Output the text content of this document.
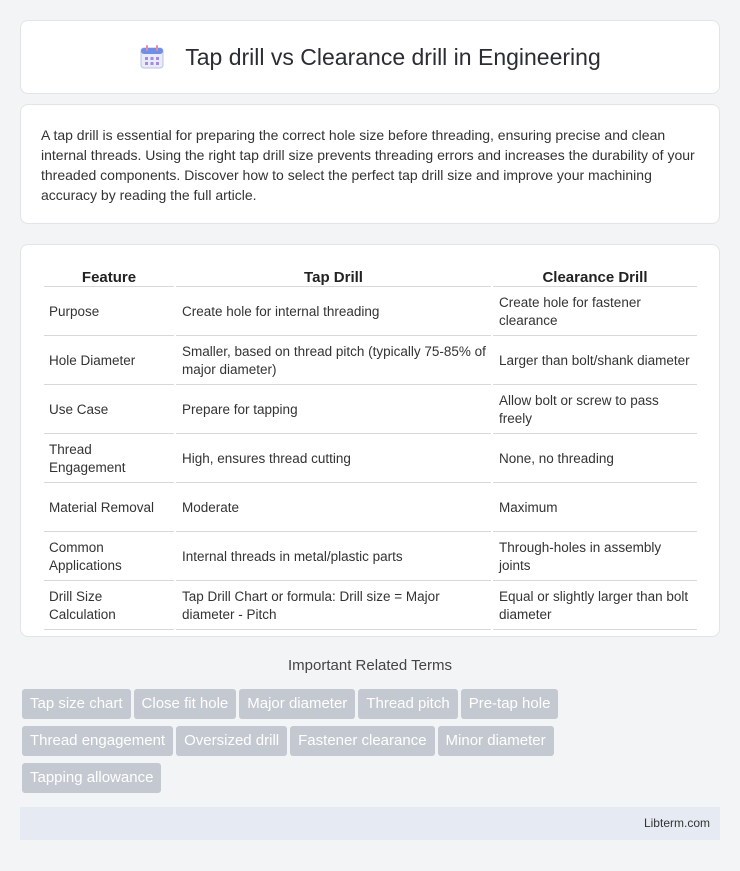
Tap drill vs Clearance drill in Engineering

A tap drill is essential for preparing the correct hole size before threading, ensuring precise and clean internal threads. Using the right tap drill size prevents threading errors and increases the durability of your threaded components. Discover how to select the perfect tap drill size and improve your machining accuracy by reading the full article.

Feature	Tap Drill	Clearance Drill
Purpose	Create hole for internal threading	Create hole for fastener clearance
Hole Diameter	Smaller, based on thread pitch (typically 75-85% of major diameter)	Larger than bolt/shank diameter
Use Case	Prepare for tapping	Allow bolt or screw to pass freely
Thread Engagement	High, ensures thread cutting	None, no threading
Material Removal	Moderate	Maximum
Common Applications	Internal threads in metal/plastic parts	Through-holes in assembly joints
Drill Size Calculation	Tap Drill Chart or formula: Drill size = Major diameter - Pitch	Equal or slightly larger than bolt diameter
Important Related Terms
Tap size chart Close fit hole Major diameter Thread pitch Pre-tap hole
Thread engagement Oversized drill Fastener clearance Minor diameter
Tapping allowance
Libterm.com
